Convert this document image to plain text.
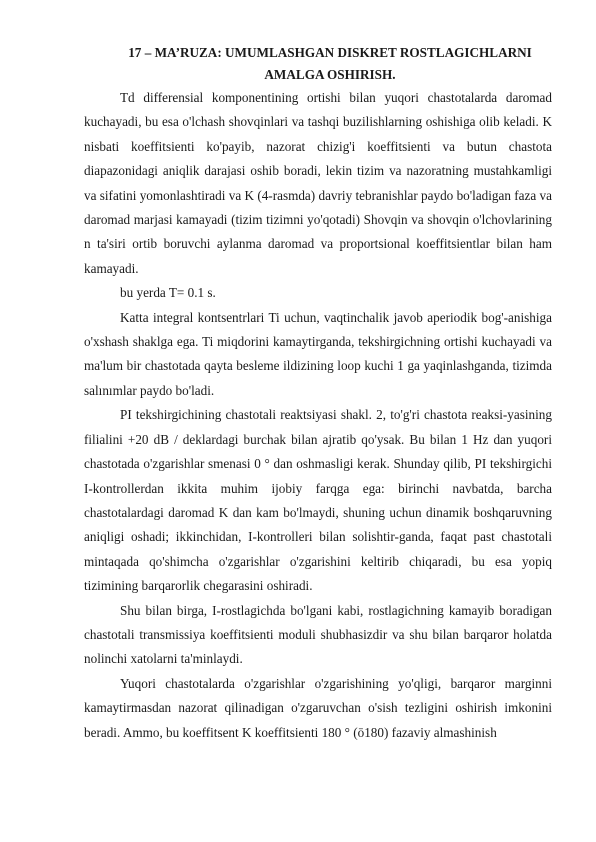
17 – MA’RUZA: UMUMLASHGAN DISKRET ROSTLAGICHLARNI AMALGA OSHIRISH.

Td differensial komponentining ortishi bilan yuqori chastotalarda daromad kuchayadi, bu esa o'lchash shovqinlari va tashqi buzilishlarning oshishiga olib keladi. K nisbati koeffitsienti ko'payib, nazorat chizig'i koeffitsienti va butun chastota diapazonidagi aniqlik darajasi oshib boradi, lekin tizim va nazoratning mustahkamligi va sifatini yomonlashtiradi va K (4-rasmda) davriy tebranishlar paydo bo'ladigan faza va daromad marjasi kamayadi (tizim tizimni yo'qotadi) Shovqin va shovqin o'lchovlarining n ta'siri ortib boruvchi aylanma daromad va proportsional koeffitsientlar bilan ham kamayadi.

bu yerda T= 0.1 s.

Katta integral kontsentrlari Ti uchun, vaqtinchalik javob aperiodik bog'-anishiga o'xshash shaklga ega. Ti miqdorini kamaytirganda, tekshirgichning ortishi kuchayadi va ma'lum bir chastotada qayta besleme ildizining loop kuchi 1 ga yaqinlashganda, tizimda salınımlar paydo bo'ladi.

PI tekshirgichining chastotali reaktsiyasi shakl. 2, to'g'ri chastota reaksi-yasining filialini +20 dB / deklardagi burchak bilan ajratib qo'ysak. Bu bilan 1 Hz dan yuqori chastotada o'zgarishlar smenasi 0 ° dan oshmasligi kerak. Shunday qilib, PI tekshirgichi I-kontrollerdan ikkita muhim ijobiy farqga ega: birinchi navbatda, barcha chastotalardagi daromad K dan kam bo'lmaydi, shuning uchun dinamik boshqaruvning aniqligi oshadi; ikkinchidan, I-kontrolleri bilan solishtir-ganda, faqat past chastotali mintaqada qo'shimcha o'zgarishlar o'zgarishini keltirib chiqaradi, bu esa yopiq tizimining barqarorlik chegarasini oshiradi.

Shu bilan birga, I-rostlagichda bo'lgani kabi, rostlagichning kamayib boradigan chastotali transmissiya koeffitsienti moduli shubhasizdir va shu bilan barqaror holatda nolinchi xatolarni ta'minlaydi.

Yuqori chastotalarda o'zgarishlar o'zgarishining yo'qligi, barqaror marginni kamaytirmasdan nazorat qilinadigan o'zgaruvchan o'sish tezligini oshirish imkonini beradi. Ammo, bu koeffitsent K koeffitsienti 180 ° (ō180) fazaviy almashinish
